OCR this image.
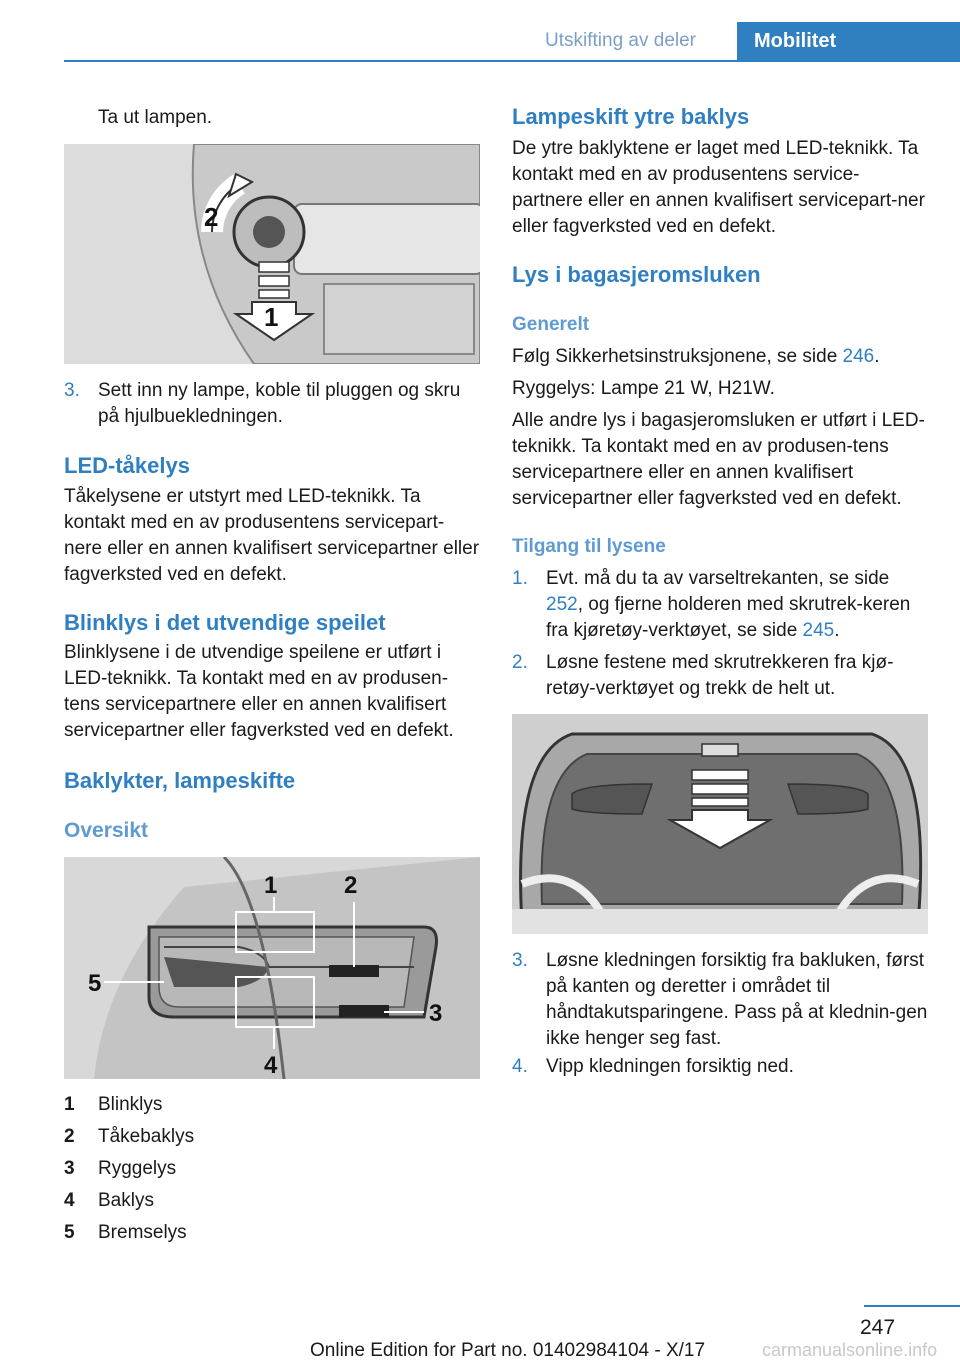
Utskifting av deler	Mobilitet
Ta ut lampen.
2
1
3. Sett inn ny lampe, koble til pluggen og skru på hjulbuekledningen.
LED-tåkelys
Tåkelysene er utstyrt med LED-teknikk. Ta kontakt med en av produsentens servicepart-nere eller en annen kvalifisert servicepartner eller fagverksted ved en defekt.
Blinklys i det utvendige speilet
Blinklysene i de utvendige speilene er utført i LED-teknikk. Ta kontakt med en av produsen-tens servicepartnere eller en annen kvalifisert servicepartner eller fagverksted ved en defekt.
Baklykter, lampeskifte
Oversikt
1	2
5
3
4
1 Blinklys
2 Tåkebaklys
3 Ryggelys
4 Baklys
5 Bremselys
Lampeskift ytre baklys
De ytre baklyktene er laget med LED-teknikk. Ta kontakt med en av produsentens service-partnere eller en annen kvalifisert servicepart-ner eller fagverksted ved en defekt.
Lys i bagasjeromsluken
Generelt
Følg Sikkerhetsinstruksjonene, se side 246.
Ryggelys: Lampe 21 W, H21W.
Alle andre lys i bagasjeromsluken er utført i LED-teknikk. Ta kontakt med en av produsen-tens servicepartnere eller en annen kvalifisert servicepartner eller fagverksted ved en defekt.
Tilgang til lysene
1. Evt. må du ta av varseltrekanten, se side 252, og fjerne holderen med skrutrek-keren fra kjøretøy-verktøyet, se side 245.
2. Løsne festene med skrutrekkeren fra kjø-retøy-verktøyet og trekk de helt ut.
3. Løsne kledningen forsiktig fra bakluken, først på kanten og deretter i området til håndtakutsparingene. Pass på at klednin-gen ikke henger seg fast.
4. Vipp kledningen forsiktig ned.
247
Online Edition for Part no. 01402984104 - X/17	carmanualsonline.info
